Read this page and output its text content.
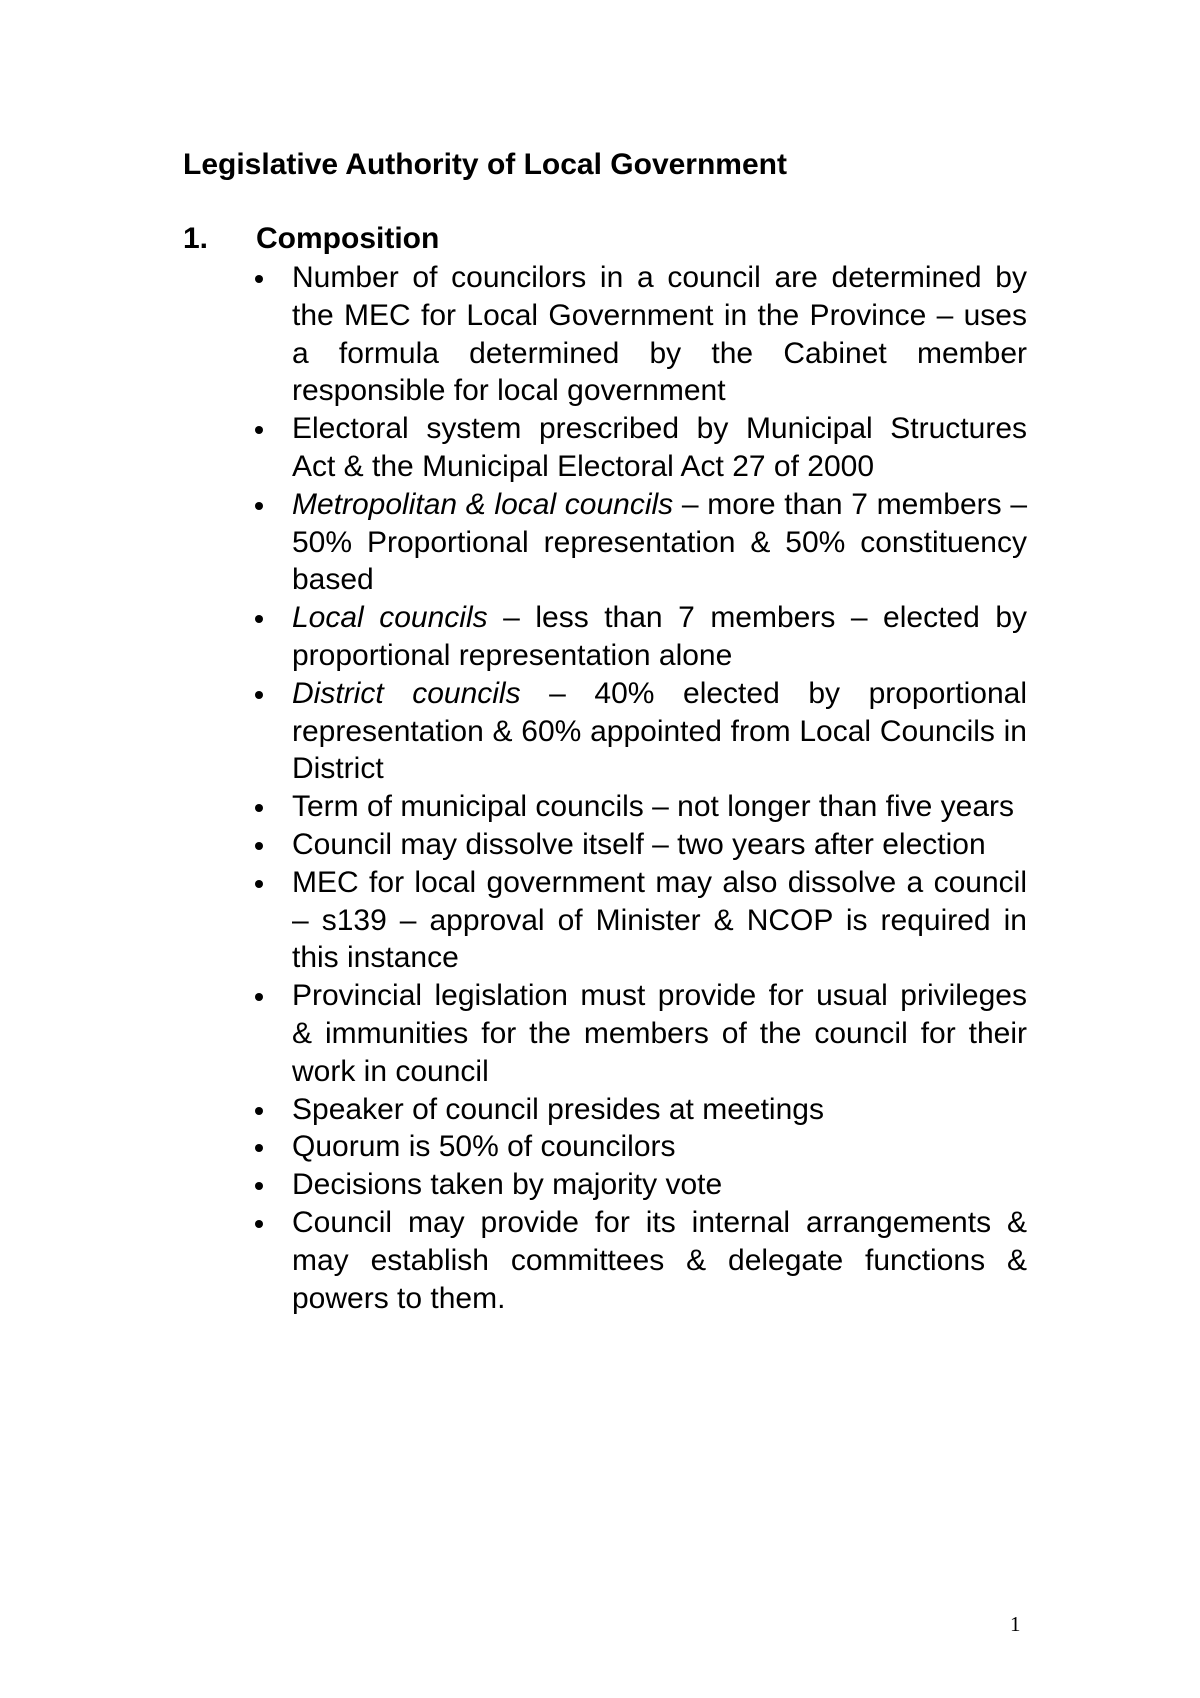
Legislative Authority of Local Government
1. Composition
Number of councilors in a council are determined by the MEC for Local Government in the Province – uses a formula determined by the Cabinet member responsible for local government
Electoral system prescribed by Municipal Structures Act & the Municipal Electoral Act 27 of 2000
Metropolitan & local councils – more than 7 members – 50% Proportional representation & 50% constituency based
Local councils – less than 7 members – elected by proportional representation alone
District councils – 40% elected by proportional representation & 60% appointed from Local Councils in District
Term of municipal councils – not longer than five years
Council may dissolve itself – two years after election
MEC for local government may also dissolve a council – s139 – approval of Minister & NCOP is required in this instance
Provincial legislation must provide for usual privileges & immunities for the members of the council for their work in council
Speaker of council presides at meetings
Quorum is 50% of councilors
Decisions taken by majority vote
Council may provide for its internal arrangements & may establish committees & delegate functions & powers to them.
1
